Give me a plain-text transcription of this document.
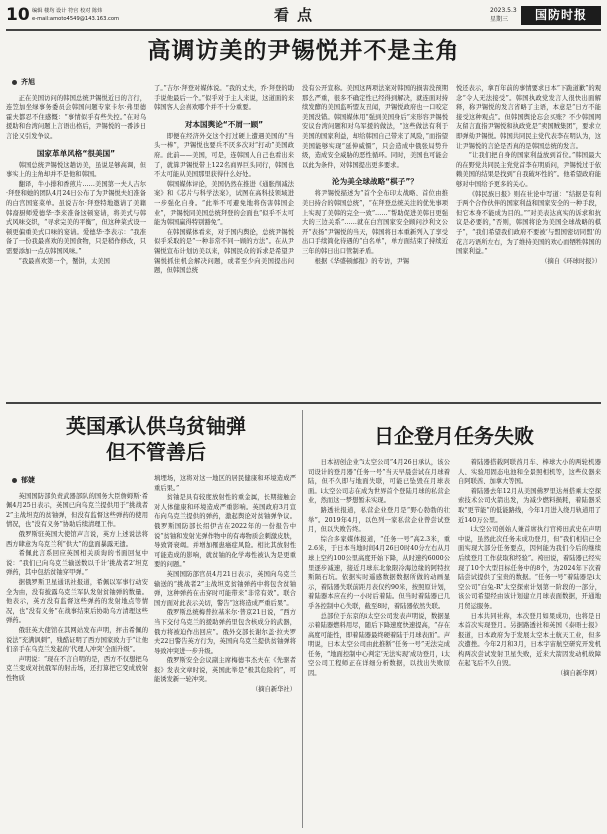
10 编辑 楼均 设计 符官 校对 陈炜
e-mail:amoto4549@143.163.com	看点	2023.5.3
星期三	国防时报
高调访美的尹锡悦并不是主角
齐旭

正在美国访问的韩国总统尹锡悦近日的言行，连笠加坐绿事务委员会韩国问题专家卡尔·弗里德霍夫都忍不住感慨：“事情似乎有些失控。”在对乌援助和台湾问题上言语出格后，尹锡悦的一番涉日言论又引发争议。

国家革单风格“很美国”

韩国总统尹锡悦这趟访美，虽说足够高调，但事实上的主角却并不是他和韩国。

翻译，牛小排和香煎片……美国第一夫人吉尔·拜登和她的团队4月24日公布了为尹锡悦夫妇准备的白宫国宴菜单。虽说吉尔·拜登特地邀请了美籍韩裔厨师爱德华·李来准备这顿宴请，将美式与韩式风味交织，“寻求完美的平衡”，但这种菜式设一顿更偏重美式口味的宴请。爱德华·李表示：“我准备了一份我最喜欢的美国食物，只是稍作修改，只需要添加一点点韩国风味。”

“我最喜欢第一个，蟹饼，太美国

了。”吉尔·拜登对媒体说。“我的丈夫，乔·拜登的助手说他最后一个。”似乎对于主人来说，这道面的来韩国客人会喜欢哪个并不十分重要。

对本国舆论“不屑一顾”

即便在经济外交这个打过硬上遭遇美国的“当头一棒”，尹锡悦也要兵不厌多次对“打动”美国政府。此前——美国，可是，连韩国人自己也看出来了，就算尹锡悦带上122名商界巨头同行，韩国也不太可能从美国那里获得什么好处。

韩国媒体评论，美国仍然在推进《通胀削减法案》和《芯片与科学法案》，试图在高科技领域进一步强化自身。“此举不可避免地将伤害韩国企业”，尹锡悦同美国总统拜登的会面也“似乎不太可能为韩国赢得特别豁免”。

在韩国媒体看来，对于国内舆论，总统尹锡悦似乎采取的是“一种非常不同一顾的方法”。在从尹锡悦宣布计划访美以来，韩国民众的诉求是希望尹锡悦抓住机会解决问题，或者至少向美国提出问题，但韩国总统

没有公开宣称。美国这两项法案对韩国的损害没预期那么严重，很多不确定性已经得到解决，就连面对持续发酵的美国监听盟友丑闻，尹锡悦政府也一口咬定美国没错。韩国媒体用“强到美国身后”来形容尹锡悦安议台湾问题和对乌军援的做法，“这些做法有利于美国的国家利益，却给韩国自己带来了风险，”而指望美国能够实现“延伸威慑”，只会造成中俄张局势升级，造成安全威胁的恶性循环。同时，美国也可能会以此为条件，对韩国提出更多要求。

沦为美全球战略“棋子”？

将尹锡悦描述为“首个全布印太战略、首位由推美日持合的韩国总统”，“在拜登总统关注的优先事项上实现了美韩的完全一致”……“帮助促进美韩日更强大的三边关系”……就在白宫国家安全顾问沙利文公开“表扬”尹锡悦的当天，韩国将日本重新列入了享受出口手续简化待遇的“白名单”，单方面结束了持续近三年的韩日出口管制矛盾。

根据《华盛顿邮报》的专访，尹锡

悦还表示，拿百年前的事情要求日本“下跪道歉”的观念“令人无法接受”。韩国执政党发言人很快出面解释，称尹锡悦的发言省略了主语，本意是“日方不能接受这种观点”。但韩国舆论忘会买账？不少韩国网友留言直指尹锡悦和执政党是“卖国贼集团”，要求立即弹劾尹锡悦。韩国共同民主党代表李在明认为，这让尹锡悦的言论是否真的是韩国总统的发言。

“让我们把自身的国家利益放到首位。”韩国最大的在野党共同民主党党首李在明质问，尹锡悦过于依赖美国的结果是找到“自我破坏性的”。他希望政府能够对中国给予更多的关心。

《韩民族日报》则在社论中写道：“结据是有利于两个合作伙伴的国家利益和国家安全的一种手段，但它本身不能成为目的。”“对美表达真实的诉求和抗议是必要的，”否则，韩国将论为美国全球战略的棋子”，“我们希望我们政府不要被‘与盟国密切同盟’的花言巧语所左右，为了维持美国的欢心而牺牲韩国的国家利益。”

（摘自《环球时报》）
英国承认供乌贫铀弹
但不管善后
郁婕

英国国防部负责武器部队的国务大臣詹姆斯·希佩4月25日表示，英国已向乌克兰提供用于“挑战者2”主战坦克的贫铀弹，但没有监督这些弹药的使用情况，也“没有义务”协助后续清理工作。

俄罗斯驻英国大使馆声言说，英方上述说法将西方肆意为乌克兰利“供大”的盘面暴露无遗。

希佩此言系回应英国相关质询的书面回复中说：“我们已向乌克兰输送数以千计‘挑战者2’坦克弹药，其中包括贫铀穿甲弹。”

据俄罗斯卫星通讯社报道，希佩以军事行动安全为由，没有披露乌克兰军队发射贫铀弹的数量。他表示，英方没有监督这些弹药的发射地点等情况，也“没有义务”在战事结束后协助乌方清理这些弹药。

俄驻英大使馆在其网站发布声明，抨击希佩的说法“充满讽刺”，残酷证明了西方国家致力于“让他们亲手在乌克兰发起的‘代理人冲突’全面升级”。

声明说：“现在不言自明的是，西方不仅想把乌克兰变成对抗俄军的射击场，还打算把它变成放射性物质

填埋场，这将对这一地区的居民健康和环境造成严重后果。”

贫铀是具有较度放射性的重金属，长期接触会对人体健康和环境造成严重影响。英国政府3月宣布向乌克兰提供的弹药，激起舆论对贫铀弹争议。俄罗斯国防部长绍伊古在2022年的一份报告中说“贫铀和发射光弹作物中的有毒物质会刺激皮肤，导致肾衰竭。并增加罹患癌症风险。相比其放射性可能造成的影响，就贫铀的化学毒性被认为是更重要的问题。”

英国国防部官员4月21日表示，英国向乌克兰输送的“挑战者2”主战坦克贫铀弹药中将包含贫铀弹，这种弹药在击穿时可能带来“非常有效”。联合国方面对此表示关切，警告“这将造成严重后果”。

俄罗斯总统梅普拉基米尔·普京21日说，“西方当下交付乌克兰的援助弹药里包含核成分的武器，俄方将被迫作出回应”。俄外交部长谢尔盖·拉夫罗夫22日警告英方行为，英国向乌克兰提供贫铀弹将导致冲突进一步升级。

俄罗斯安全会议副主席梅德韦杰夫在《先驱者报》发表文章时说，英国此举是“极其危险的”，可能诱发新一轮冲突。

（摘自新华社）
日企登月任务失败

日本初创企业“i太空公司”4月26日承认，该公司设计的登月器“任务一号”当天早晨尝试在月球着陆，但不久即与地面失联，可能已坠毁在月球表面。i太空公司志在成为世界首个登陆月球的私营企业，然而这一梦想暂未实现。

路透社报道，私营企业登月是“野心勃勃的壮举”。2019年4月，以色列一家私营企业曾尝试登月，但以失败告终。

综合多家媒体报道，“任务一号”高2.3米，重2.6米，于日本当地时间4月26日0时40分左右从月球上空约100公里高度开始下降，从时速约6000公里逐步减速，接近月球东北象限冷海边缘的阿特拉斯陨石坑。依据实时遥感数据数据所做的动画显示，着陆器失联前距月表仅约90米，按照原计划，着陆器本应在约一小时后着陆。但当时着陆器已几乎各控制中心失联，截至8时，着陆器依然失联。

总部位于东京的i太空公司发表声明说，数据显示着陆器燃料用尽，随后下降速度快速提高，“存在高度可能性，即着陆器最终硬着陆于月球表面”。声明说，日本太空公司由此推断“任务一号”无法完成任务，“地面控制中心判定‘无法实现’成功登月，i太空公司工程师正在详细分析数据，以找出失败原因。

着陆器搭载阿联酋月车、棒球大小的两轮机器人、实验用固态电池和全景照相机等，这些仪器来自阿联酋、加拿大等国。

着陆器去年12月从美国佛罗里达州搭乘太空探索技术公司火箭出发，为减少燃料损耗，着陆器采取“更节能”的低能路线，今年1月进入绕月轨道用了近140万公里。

i太空公司创始人兼首席执行官袴田武史在声明中说，虽然此次任务未成功登月，但“我们相信已全面实现大部分任务要点，因何能为我们今后的继续后续登月工作获取和经验”。袴田说，着陆器已经实现了10个大型目标任务中的8个，为2024年下次着陆尝试提供了宝贵的数据。“任务一号”着陆器是i太空公司“白兔-R”太空探索计划第一阶段的一部分，该公司希望经由该计划建立月球表面数据，开通地月贸运服务。

日本共同社称，本次登月如果成功，也将是日本首次实现登月。另据路透社和英国《泰晤士报》报道，日本政府为于发展太空本土航天工业，但多次遭挫。今年2月和3月，日本宇宙航空研究开发机构两次尝试发射卫星失败，近来大箭因发动机故障在起飞后不久自毁。

（摘自新华网）
